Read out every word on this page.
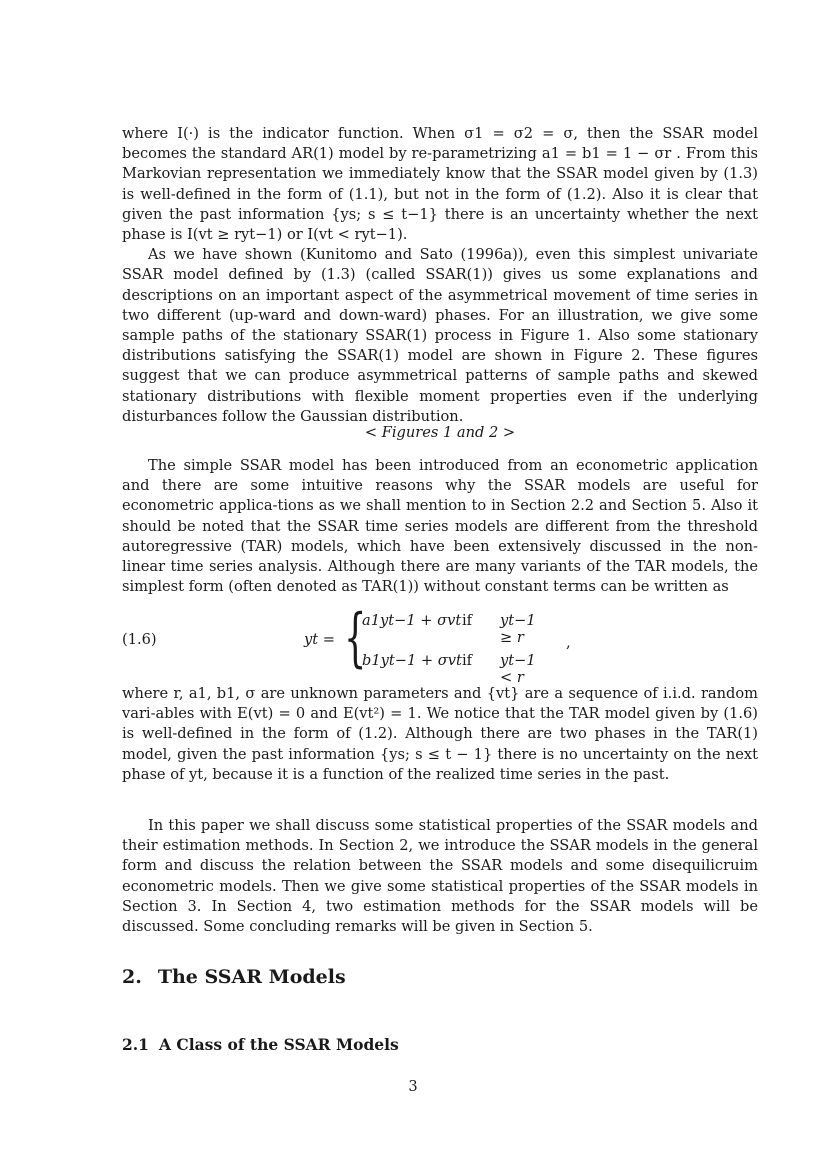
where I(·) is the indicator function. When σ1 = σ2 = σ, then the SSAR model becomes the standard AR(1) model by re-parametrizing a1 = b1 = 1 − σr . From this Markovian representation we immediately know that the SSAR model given by (1.3) is well-defined in the form of (1.1), but not in the form of (1.2). Also it is clear that given the past information {ys; s ≤ t−1} there is an uncertainty whether the next phase is I(vt ≥ ryt−1) or I(vt < ryt−1).

As we have shown (Kunitomo and Sato (1996a)), even this simplest univariate SSAR model defined by (1.3) (called SSAR(1)) gives us some explanations and descriptions on an important aspect of the asymmetrical movement of time series in two different (up-ward and down-ward) phases. For an illustration, we give some sample paths of the stationary SSAR(1) process in Figure 1. Also some stationary distributions satisfying the SSAR(1) model are shown in Figure 2. These figures suggest that we can produce asymmetrical patterns of sample paths and skewed stationary distributions with flexible moment properties even if the underlying disturbances follow the Gaussian distribution.

< Figures 1 and 2 >

The simple SSAR model has been introduced from an econometric application and there are some intuitive reasons why the SSAR models are useful for econometric applica-tions as we shall mention to in Section 2.2 and Section 5. Also it should be noted that the SSAR time series models are different from the threshold autoregressive (TAR) models, which have been extensively discussed in the non-linear time series analysis. Although there are many variants of the TAR models, the simplest form (often denoted as TAR(1)) without constant terms can be written as

(1.6)	yt = {
a1yt−1 + σvt if yt−1 ≥ r
b1yt−1 + σvt if yt−1 < r
,

where r, a1, b1, σ are unknown parameters and {vt} are a sequence of i.i.d. random vari-ables with E(vt) = 0 and E(vt²) = 1. We notice that the TAR model given by (1.6) is well-defined in the form of (1.2). Although there are two phases in the TAR(1) model, given the past information {ys; s ≤ t − 1} there is no uncertainty on the next phase of yt, because it is a function of the realized time series in the past.

In this paper we shall discuss some statistical properties of the SSAR models and their estimation methods. In Section 2, we introduce the SSAR models in the general form and discuss the relation between the SSAR models and some disequilicruim econometric models. Then we give some statistical properties of the SSAR models in Section 3. In Section 4, two estimation methods for the SSAR models will be discussed. Some concluding remarks will be given in Section 5.

2. The SSAR Models
2.1 A Class of the SSAR Models
3
